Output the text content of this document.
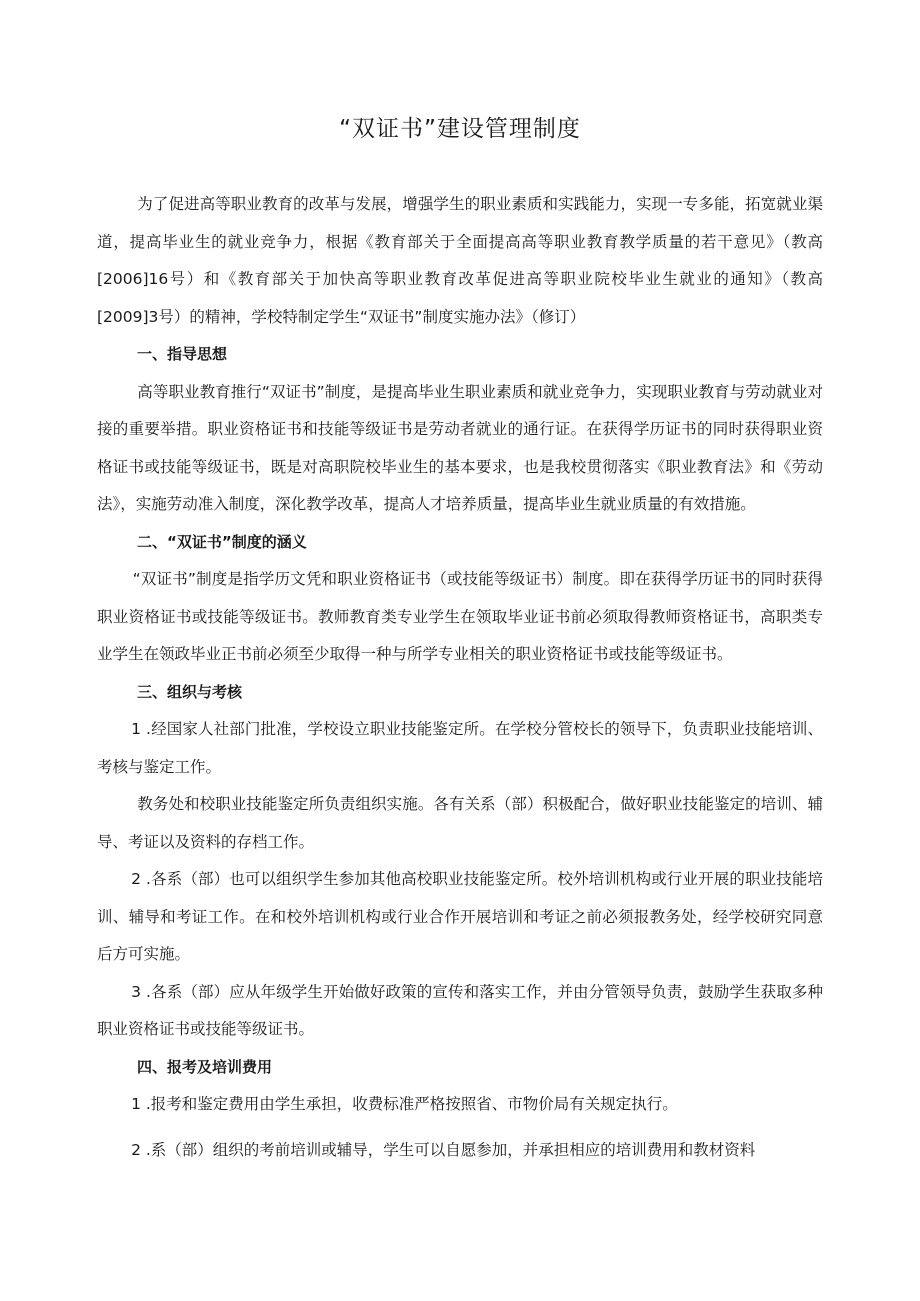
“双证书”建设管理制度

为了促进高等职业教育的改革与发展，增强学生的职业素质和实践能力，实现一专多能，拓宽就业渠道，提高毕业生的就业竞争力，根据《教育部关于全面提高高等职业教育教学质量的若干意见》（教高[2006]16号）和《教育部关于加快高等职业教育改革促进高等职业院校毕业生就业的通知》（教高[2009]3号）的精神，学校特制定学生“双证书”制度实施办法》（修订）

一、指导思想

高等职业教育推行“双证书”制度，是提高毕业生职业素质和就业竞争力，实现职业教育与劳动就业对接的重要举措。职业资格证书和技能等级证书是劳动者就业的通行证。在获得学历证书的同时获得职业资格证书或技能等级证书，既是对高职院校毕业生的基本要求，也是我校贯彻落实《职业教育法》和《劳动法》，实施劳动准入制度，深化教学改革，提高人才培养质量，提高毕业生就业质量的有效措施。

二、“双证书”制度的涵义

“双证书”制度是指学历文凭和职业资格证书（或技能等级证书）制度。即在获得学历证书的同时获得职业资格证书或技能等级证书。教师教育类专业学生在领取毕业证书前必须取得教师资格证书，高职类专业学生在领政毕业正书前必须至少取得一种与所学专业相关的职业资格证书或技能等级证书。

三、组织与考核

1 .经国家人社部门批准，学校设立职业技能鉴定所。在学校分管校长的领导下，负责职业技能培训、考核与鉴定工作。

教务处和校职业技能鉴定所负责组织实施。各有关系（部）积极配合，做好职业技能鉴定的培训、辅导、考证以及资料的存档工作。

2 .各系（部）也可以组织学生参加其他高校职业技能鉴定所。校外培训机构或行业开展的职业技能培训、辅导和考证工作。在和校外培训机构或行业合作开展培训和考证之前必须报教务处，经学校研究同意后方可实施。

3 .各系（部）应从年级学生开始做好政策的宣传和落实工作，并由分管领导负责，鼓励学生获取多种职业资格证书或技能等级证书。

四、报考及培训费用

1 .报考和鉴定费用由学生承担，收费标准严格按照省、市物价局有关规定执行。

2 .系（部）组织的考前培训或辅导，学生可以自愿参加，并承担相应的培训费用和教材资料
